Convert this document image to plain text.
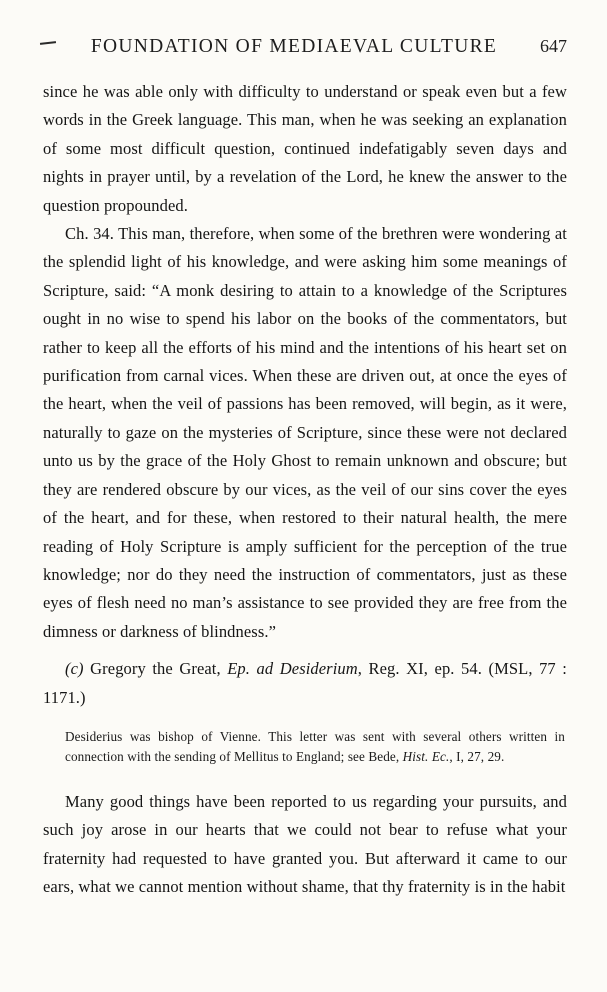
FOUNDATION OF MEDIAEVAL CULTURE	647

since he was able only with difficulty to understand or speak even but a few words in the Greek language. This man, when he was seeking an explanation of some most difficult question, continued indefatigably seven days and nights in prayer until, by a revelation of the Lord, he knew the answer to the question propounded.

Ch. 34. This man, therefore, when some of the brethren were wondering at the splendid light of his knowledge, and were asking him some meanings of Scripture, said: “A monk desiring to attain to a knowledge of the Scriptures ought in no wise to spend his labor on the books of the commentators, but rather to keep all the efforts of his mind and the intentions of his heart set on purification from carnal vices. When these are driven out, at once the eyes of the heart, when the veil of passions has been removed, will begin, as it were, naturally to gaze on the mysteries of Scripture, since these were not declared unto us by the grace of the Holy Ghost to remain unknown and obscure; but they are rendered obscure by our vices, as the veil of our sins cover the eyes of the heart, and for these, when restored to their natural health, the mere reading of Holy Scripture is amply sufficient for the perception of the true knowledge; nor do they need the instruction of commentators, just as these eyes of flesh need no man’s assistance to see provided they are free from the dimness or darkness of blindness.”

(c) Gregory the Great, Ep. ad Desiderium, Reg. XI, ep. 54. (MSL, 77 : 1171.)

Desiderius was bishop of Vienne. This letter was sent with several others written in connection with the sending of Mellitus to England; see Bede, Hist. Ec., I, 27, 29.

Many good things have been reported to us regarding your pursuits, and such joy arose in our hearts that we could not bear to refuse what your fraternity had requested to have granted you. But afterward it came to our ears, what we cannot mention without shame, that thy fraternity is in the habit
